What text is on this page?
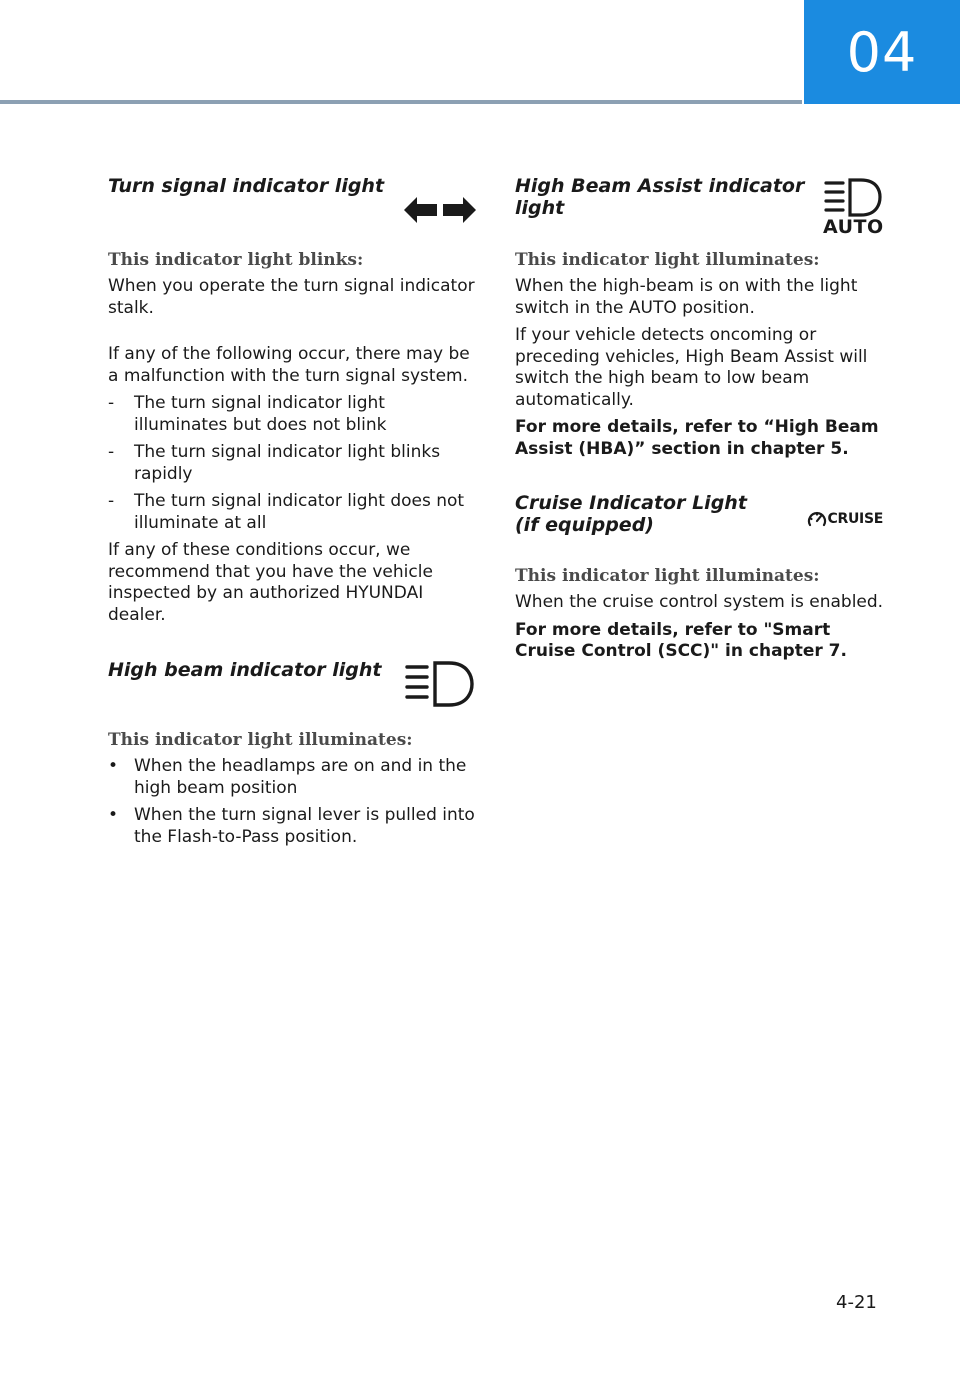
04
Turn signal indicator light

This indicator light blinks:

When you operate the turn signal indicator stalk.

If any of the following occur, there may be a malfunction with the turn signal system.

- The turn signal indicator light illuminates but does not blink
- The turn signal indicator light blinks rapidly
- The turn signal indicator light does not illuminate at all

If any of these conditions occur, we recommend that you have the vehicle inspected by an authorized HYUNDAI dealer.

High beam indicator light

This indicator light illuminates:

• When the headlamps are on and in the high beam position
• When the turn signal lever is pulled into the Flash-to-Pass position.
High Beam Assist indicator
light
AUTO

This indicator light illuminates:

When the high-beam is on with the light switch in the AUTO position.

If your vehicle detects oncoming or preceding vehicles, High Beam Assist will switch the high beam to low beam automatically.

For more details, refer to “High Beam Assist (HBA)” section in chapter 5.

Cruise Indicator Light
(if equipped)	CRUISE

This indicator light illuminates:

When the cruise control system is enabled.

For more details, refer to "Smart Cruise Control (SCC)" in chapter 7.

4-21
